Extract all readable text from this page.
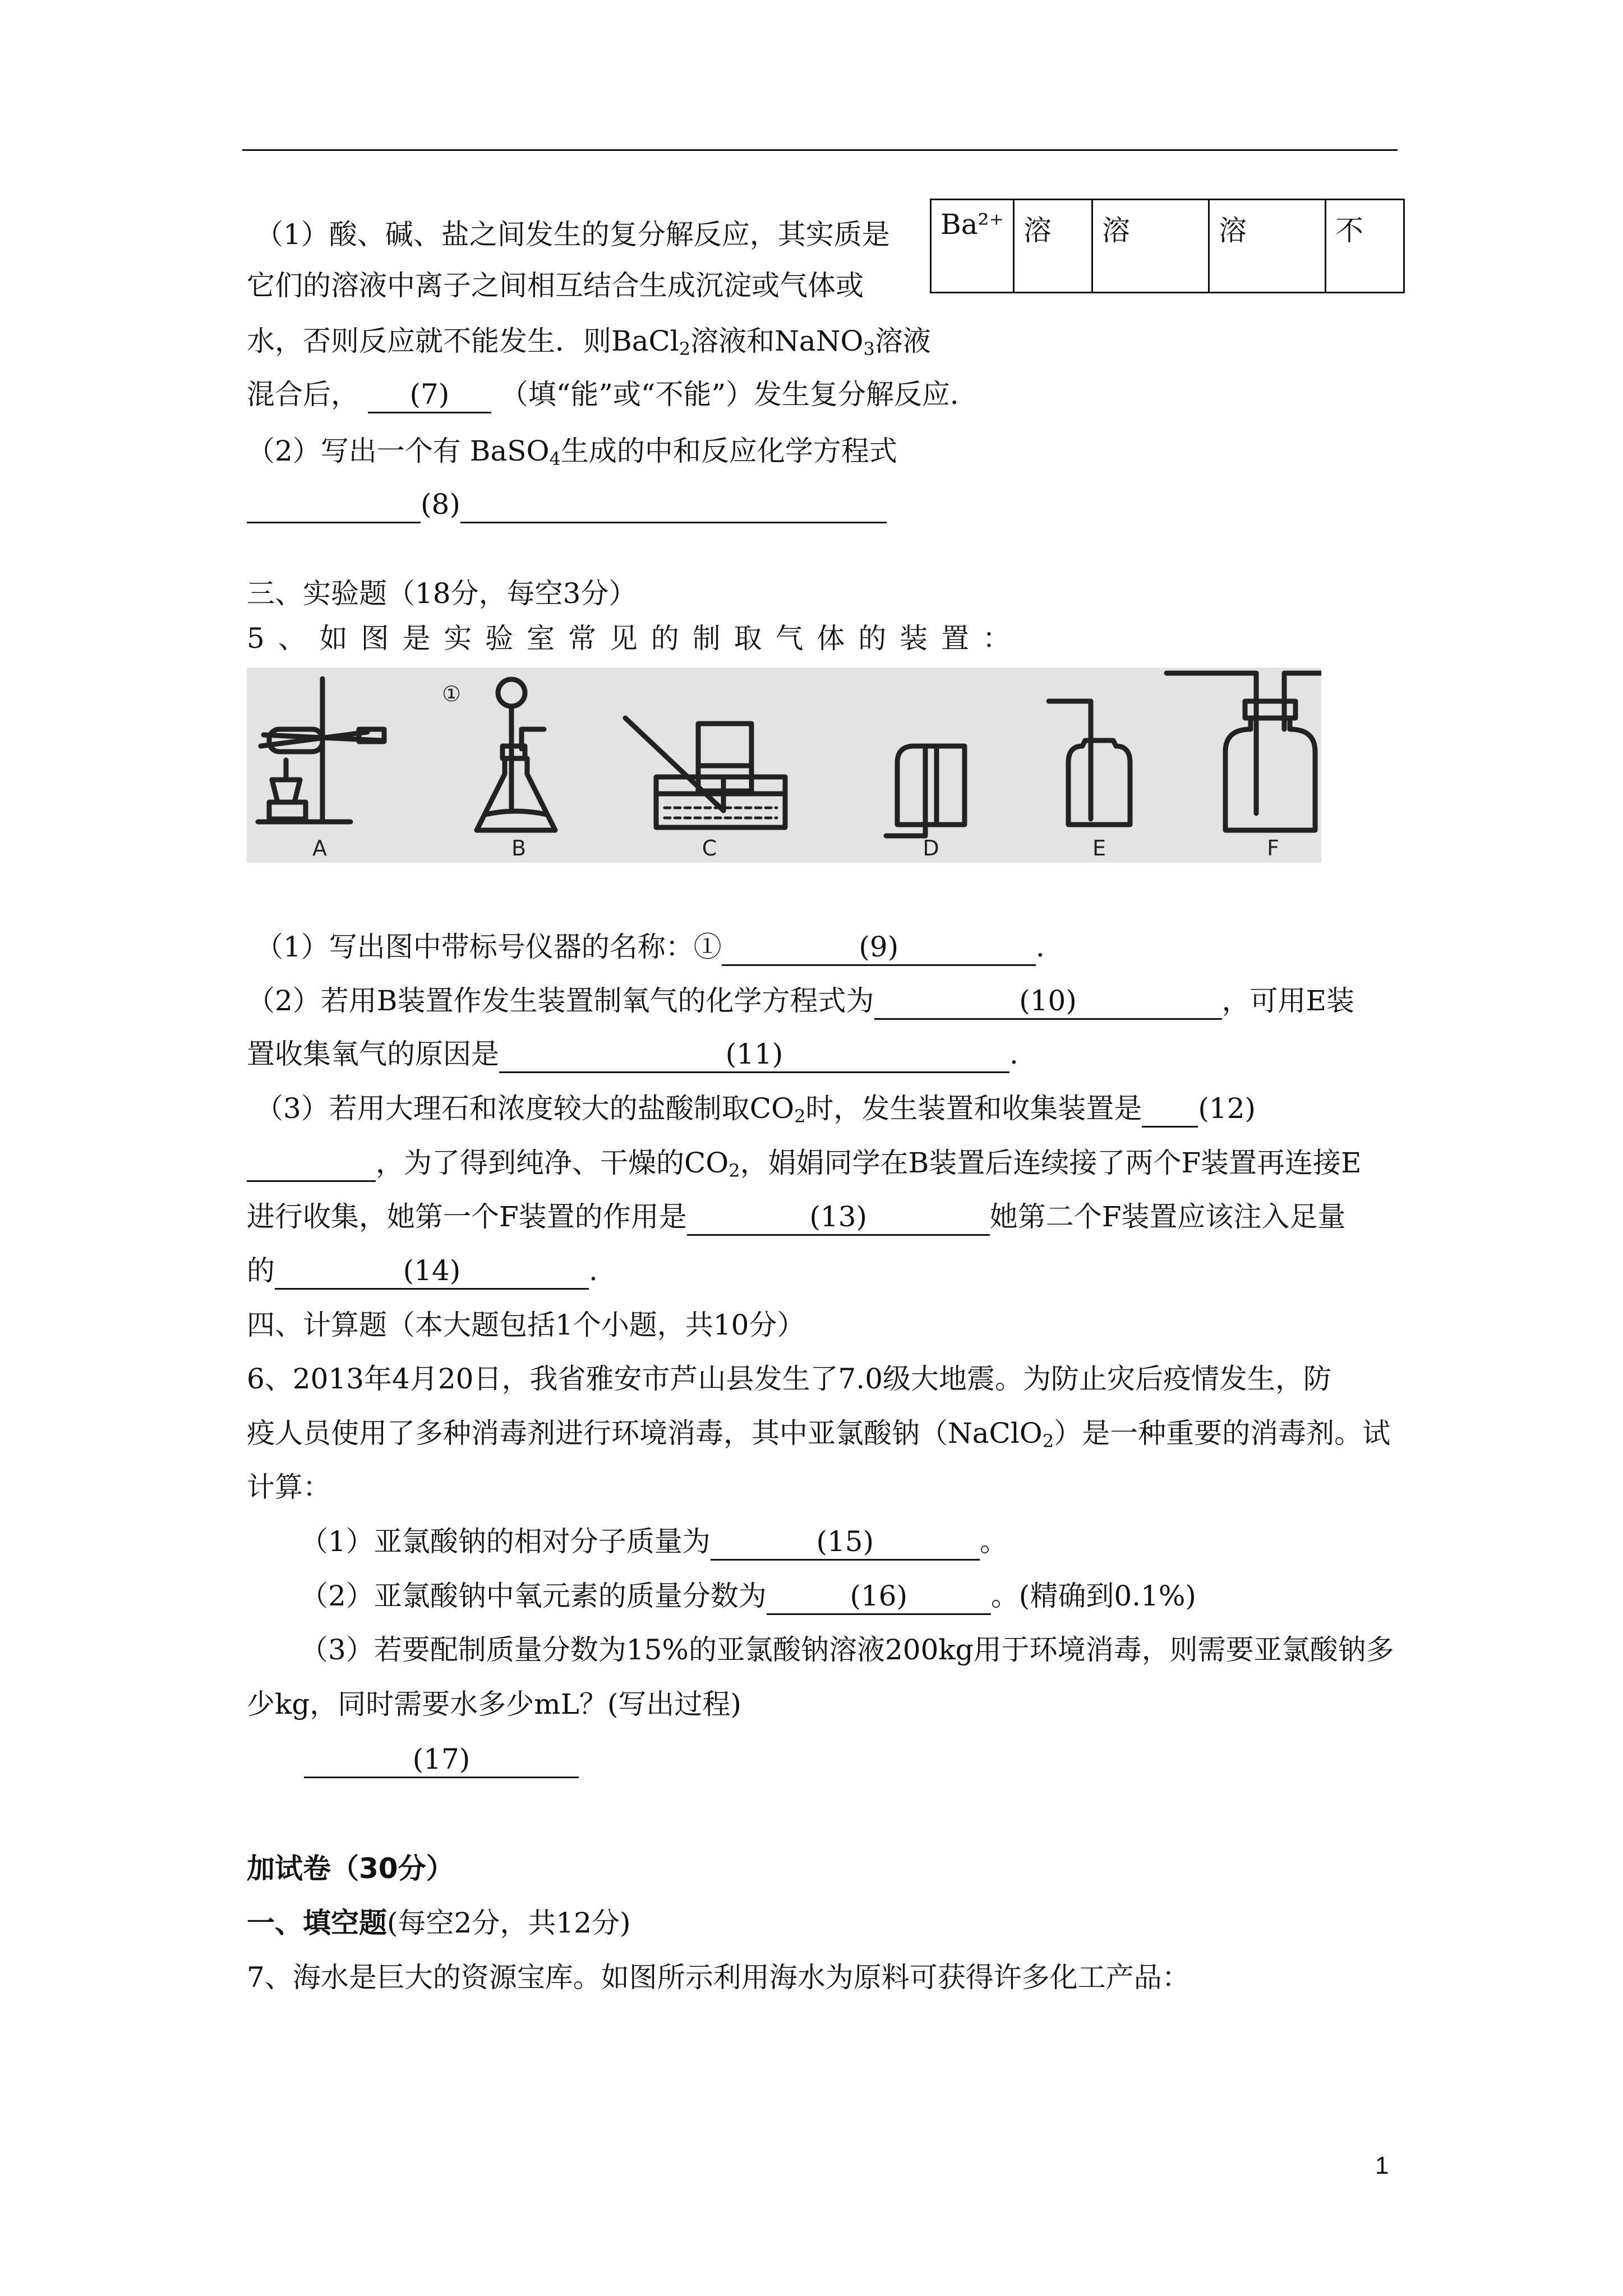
Ba²⁺	溶	溶	溶	不
（1）酸、碱、盐之间发生的复分解反应，其实质是
它们的溶液中离子之间相互结合生成沉淀或气体或
水，否则反应就不能发生．则BaCl$_2$溶液和NaNO$_3$溶液
混合后， (7) （填“能”或“不能”）发生复分解反应．
（2）写出一个有 BaSO$_4$生成的中和反应化学方程式
(8)
三、实验题（18分，每空3分）
5 、 如 图 是 实 验 室 常 见 的 制 取 气 体 的 装 置 ：
①
A	B	C	D	E	F
（1）写出图中带标号仪器的名称：①	(9)	.
（2）若用B装置作发生装置制氧气的化学方程式为	(10)	，可用E装
置收集氧气的原因是	(11)	.
（3）若用大理石和浓度较大的盐酸制取$CO_2$时，发生装置和收集装置是 (12)
，为了得到纯净、干燥的$CO_2$，娟娟同学在B装置后连续接了两个F装置再连接E
进行收集，她第一个F装置的作用是	(13)	她第二个F装置应该注入足量
的	(14)	.
四、计算题（本大题包括1个小题，共10分）
6、2013年4月20日，我省雅安市芦山县发生了7.0级大地震。为防止灾后疫情发生，防
疫人员使用了多种消毒剂进行环境消毒，其中亚氯酸钠（NaClO$_2$）是一种重要的消毒剂。试
计算：
（1）亚氯酸钠的相对分子质量为	(15)	。
（2）亚氯酸钠中氧元素的质量分数为	(16)	。(精确到0.1%)
（3）若要配制质量分数为15%的亚氯酸钠溶液200kg用于环境消毒，则需要亚氯酸钠多
少kg，同时需要水多少mL？(写出过程)
(17)
加试卷（30分）
一、填空题(每空2分，共12分)
7、海水是巨大的资源宝库。如图所示利用海水为原料可获得许多化工产品：
1
